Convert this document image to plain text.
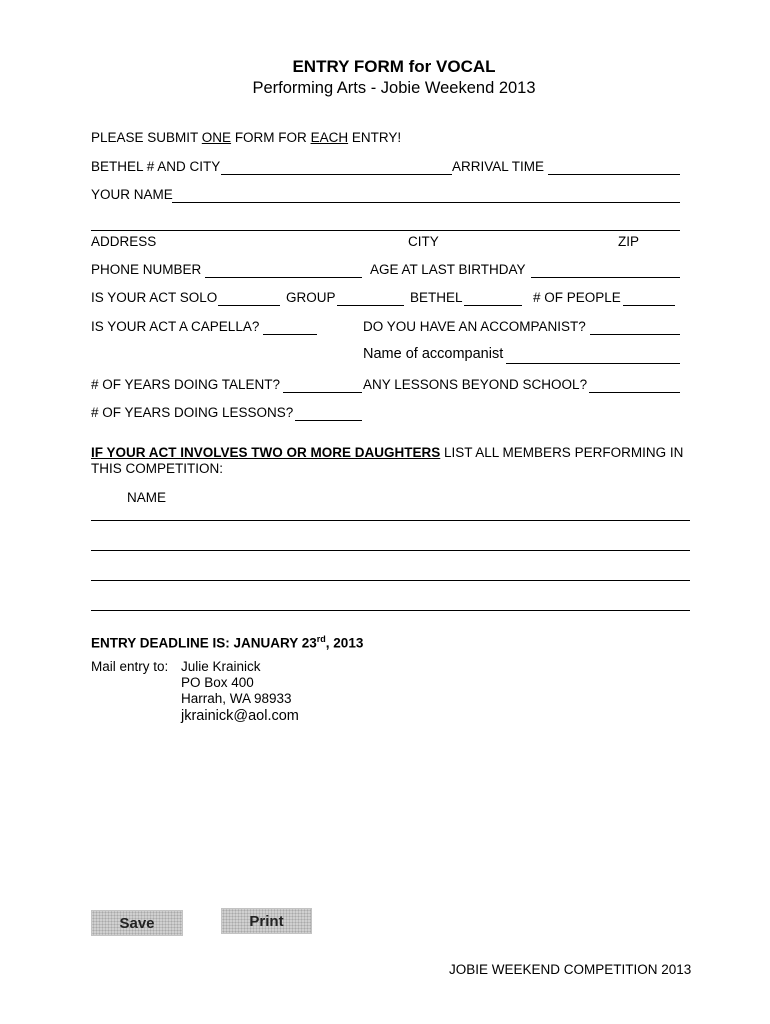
ENTRY FORM for VOCAL
Performing Arts - Jobie Weekend 2013
PLEASE SUBMIT ONE FORM FOR EACH ENTRY!
BETHEL # AND CITY	ARRIVAL TIME
YOUR NAME
ADDRESS	CITY	ZIP
PHONE NUMBER	AGE AT LAST BIRTHDAY
IS YOUR ACT SOLO	GROUP	BETHEL	# OF PEOPLE
IS YOUR ACT A CAPELLA?	DO YOU HAVE AN ACCOMPANIST?
Name of accompanist
# OF YEARS DOING TALENT?	ANY LESSONS BEYOND SCHOOL?
# OF YEARS DOING LESSONS?
IF YOUR ACT INVOLVES TWO OR MORE DAUGHTERS LIST ALL MEMBERS PERFORMING IN
THIS COMPETITION:
NAME
ENTRY DEADLINE IS: JANUARY 23rd, 2013
Mail entry to: Julie Krainick
PO Box 400
Harrah, WA 98933
jkrainick@aol.com
Save	Print
JOBIE WEEKEND COMPETITION 2013
